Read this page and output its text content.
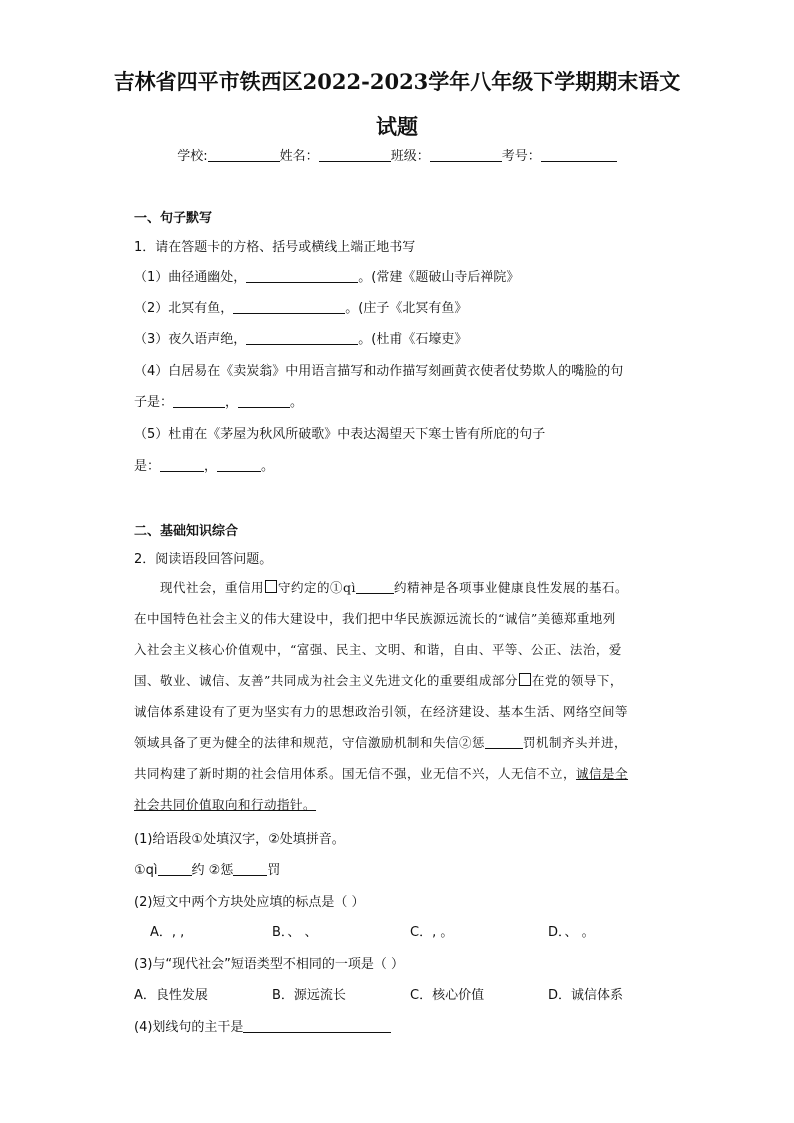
吉林省四平市铁西区2022-2023学年八年级下学期期末语文
试题
学校:	姓名：	班级：	考号：
一、句子默写
1．请在答题卡的方格、括号或横线上端正地书写
（1）曲径通幽处，	。(常建《题破山寺后禅院》
（2）北冥有鱼，	。(庄子《北冥有鱼》
（3）夜久语声绝，	。(杜甫《石壕吏》
（4）白居易在《卖炭翁》中用语言描写和动作描写刻画黄衣使者仗势欺人的嘴脸的句
子是：	，	。
（5）杜甫在《茅屋为秋风所破歌》中表达渴望天下寒士皆有所庇的句子
是：	，	。
二、基础知识综合
2．阅读语段回答问题。
现代社会，重信用 守约定的①qì	约精神是各项事业健康良性发展的基石。
在中国特色社会主义的伟大建设中，我们把中华民族源远流长的“诚信”美德郑重地列
入社会主义核心价值观中，“富强、民主、文明、和谐，自由、平等、公正、法治，爱
国、敬业、诚信、友善”共同成为社会主义先进文化的重要组成部分 在党的领导下，
诚信体系建设有了更为坚实有力的思想政治引领，在经济建设、基本生活、网络空间等
领域具备了更为健全的法律和规范，守信激励机制和失信②惩	罚机制齐头并进，
共同构建了新时期的社会信用体系。国无信不强，业无信不兴，人无信不立，诚信是全
社会共同价值取向和行动指针。
(1)给语段①处填汉字，②处填拼音。
①qì	约 ②惩	罚
(2)短文中两个方块处应填的标点是（ ）
A．, ,	B．、 、	C．, 。	D．、 。
(3)与“现代社会”短语类型不相同的一项是（ ）
A．良性发展	B．源远流长	C．核心价值	D．诚信体系
(4)划线句的主干是
